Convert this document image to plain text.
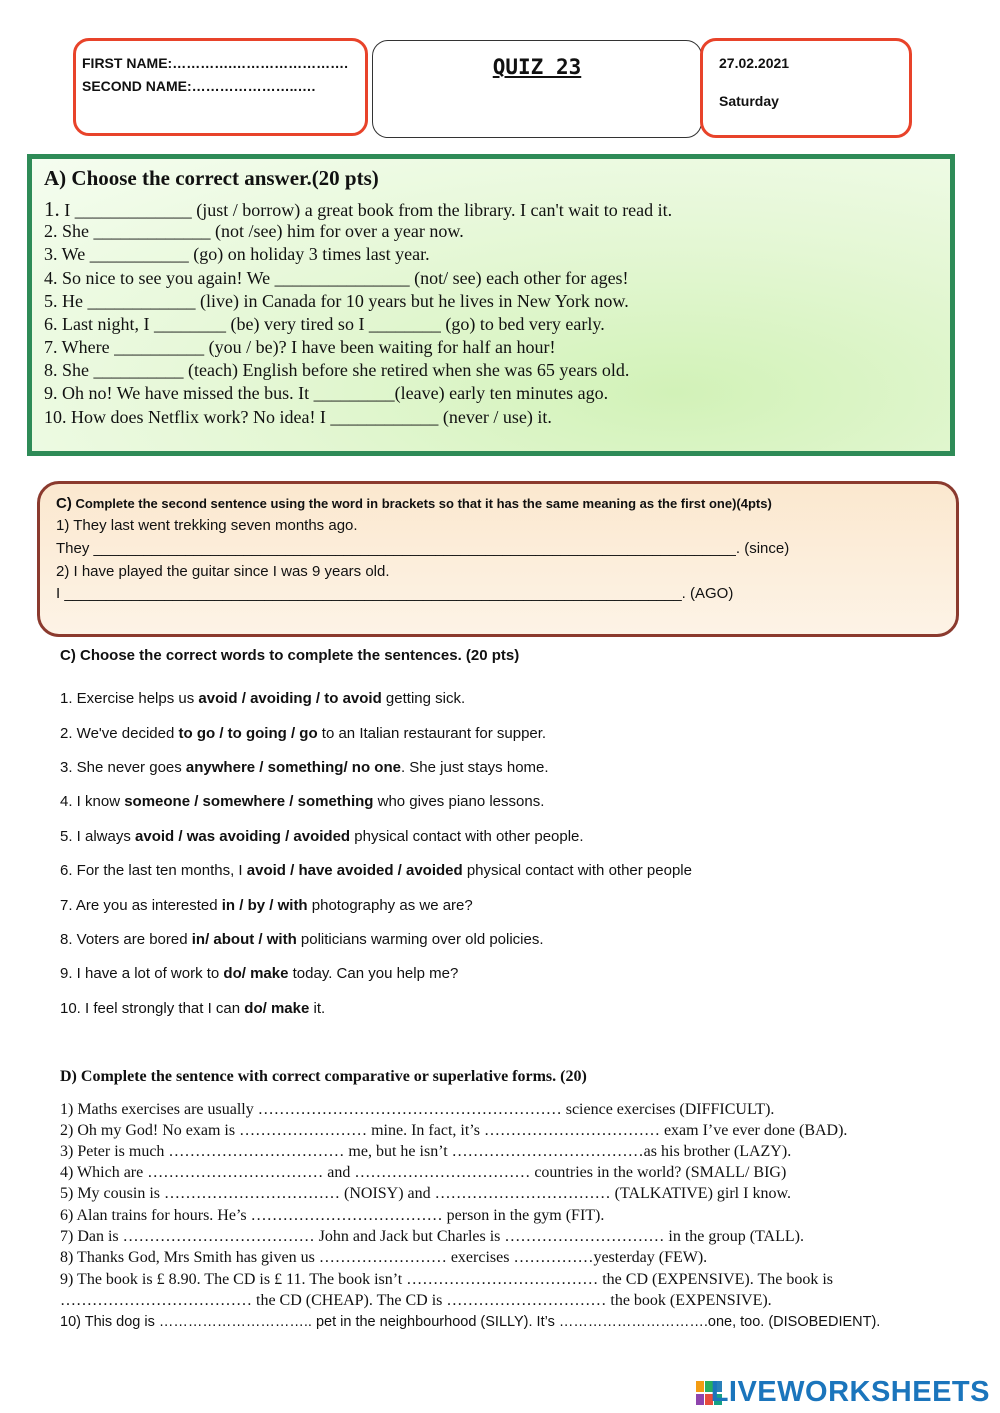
FIRST NAME:………….…………………….
SECOND NAME:…………………..….
QUIZ 23	27.02.2021
Saturday
A) Choose the correct answer.(20 pts)
1. I _____________ (just / borrow) a great book from the library. I can't wait to read it.
2. She _____________ (not /see) him for over a year now.
3. We ___________ (go) on holiday 3 times last year.
4. So nice to see you again! We _______________ (not/ see) each other for ages!
5. He ____________ (live) in Canada for 10 years but he lives in New York now.
6. Last night, I ________ (be) very tired so I ________ (go) to bed very early.
7. Where __________ (you / be)? I have been waiting for half an hour!
8. She __________ (teach) English before she retired when she was 65 years old.
9. Oh no! We have missed the bus. It _________(leave) early ten minutes ago.
10. How does Netflix work? No idea! I ____________ (never / use) it.
C) Complete the second sentence using the word in brackets so that it has the same meaning as the first one)(4pts)
1) They last went trekking seven months ago.
They _____________________________________________________________________________. (since)
2) I have played the guitar since I was 9 years old.
I __________________________________________________________________________. (AGO)
C) Choose the correct words to complete the sentences. (20 pts)
1. Exercise helps us avoid / avoiding / to avoid getting sick.
2. We've decided to go / to going / go to an Italian restaurant for supper.
3. She never goes anywhere / something/ no one. She just stays home.
4. I know someone / somewhere / something who gives piano lessons.
5. I always avoid / was avoiding / avoided physical contact with other people.
6. For the last ten months, I avoid / have avoided / avoided physical contact with other people
7. Are you as interested in / by / with photography as we are?
8. Voters are bored in/ about / with politicians warming over old policies.
9. I have a lot of work to do/ make today. Can you help me?
10. I feel strongly that I can do/ make it.
D) Complete the sentence with correct comparative or superlative forms. (20)
1) Maths exercises are usually ………………………………………………… science exercises (DIFFICULT).
2) Oh my God! No exam is …………………… mine. In fact, it’s …………………………… exam I’ve ever done (BAD).
3) Peter is much …………………………… me, but he isn’t ………………………………as his brother (LAZY).
4) Which are …………………………… and …………………………… countries in the world? (SMALL/ BIG)
5) My cousin is …………………………… (NOISY) and …………………………… (TALKATIVE) girl I know.
6) Alan trains for hours. He’s ……………………………… person in the gym (FIT).
7) Dan is ……………………………… John and Jack but Charles is ………………………… in the group (TALL).
8) Thanks God, Mrs Smith has given us …………………… exercises ……………yesterday (FEW).
9) The book is £ 8.90. The CD is £ 11. The book isn’t ……………………………… the CD (EXPENSIVE). The book is
……………………………… the CD (CHEAP). The CD is ………………………… the book (EXPENSIVE).
10) This dog is ………………………….. pet in the neighbourhood (SILLY). It’s ………………………….one, too. (DISOBEDIENT).
LIVEWORKSHEETS
